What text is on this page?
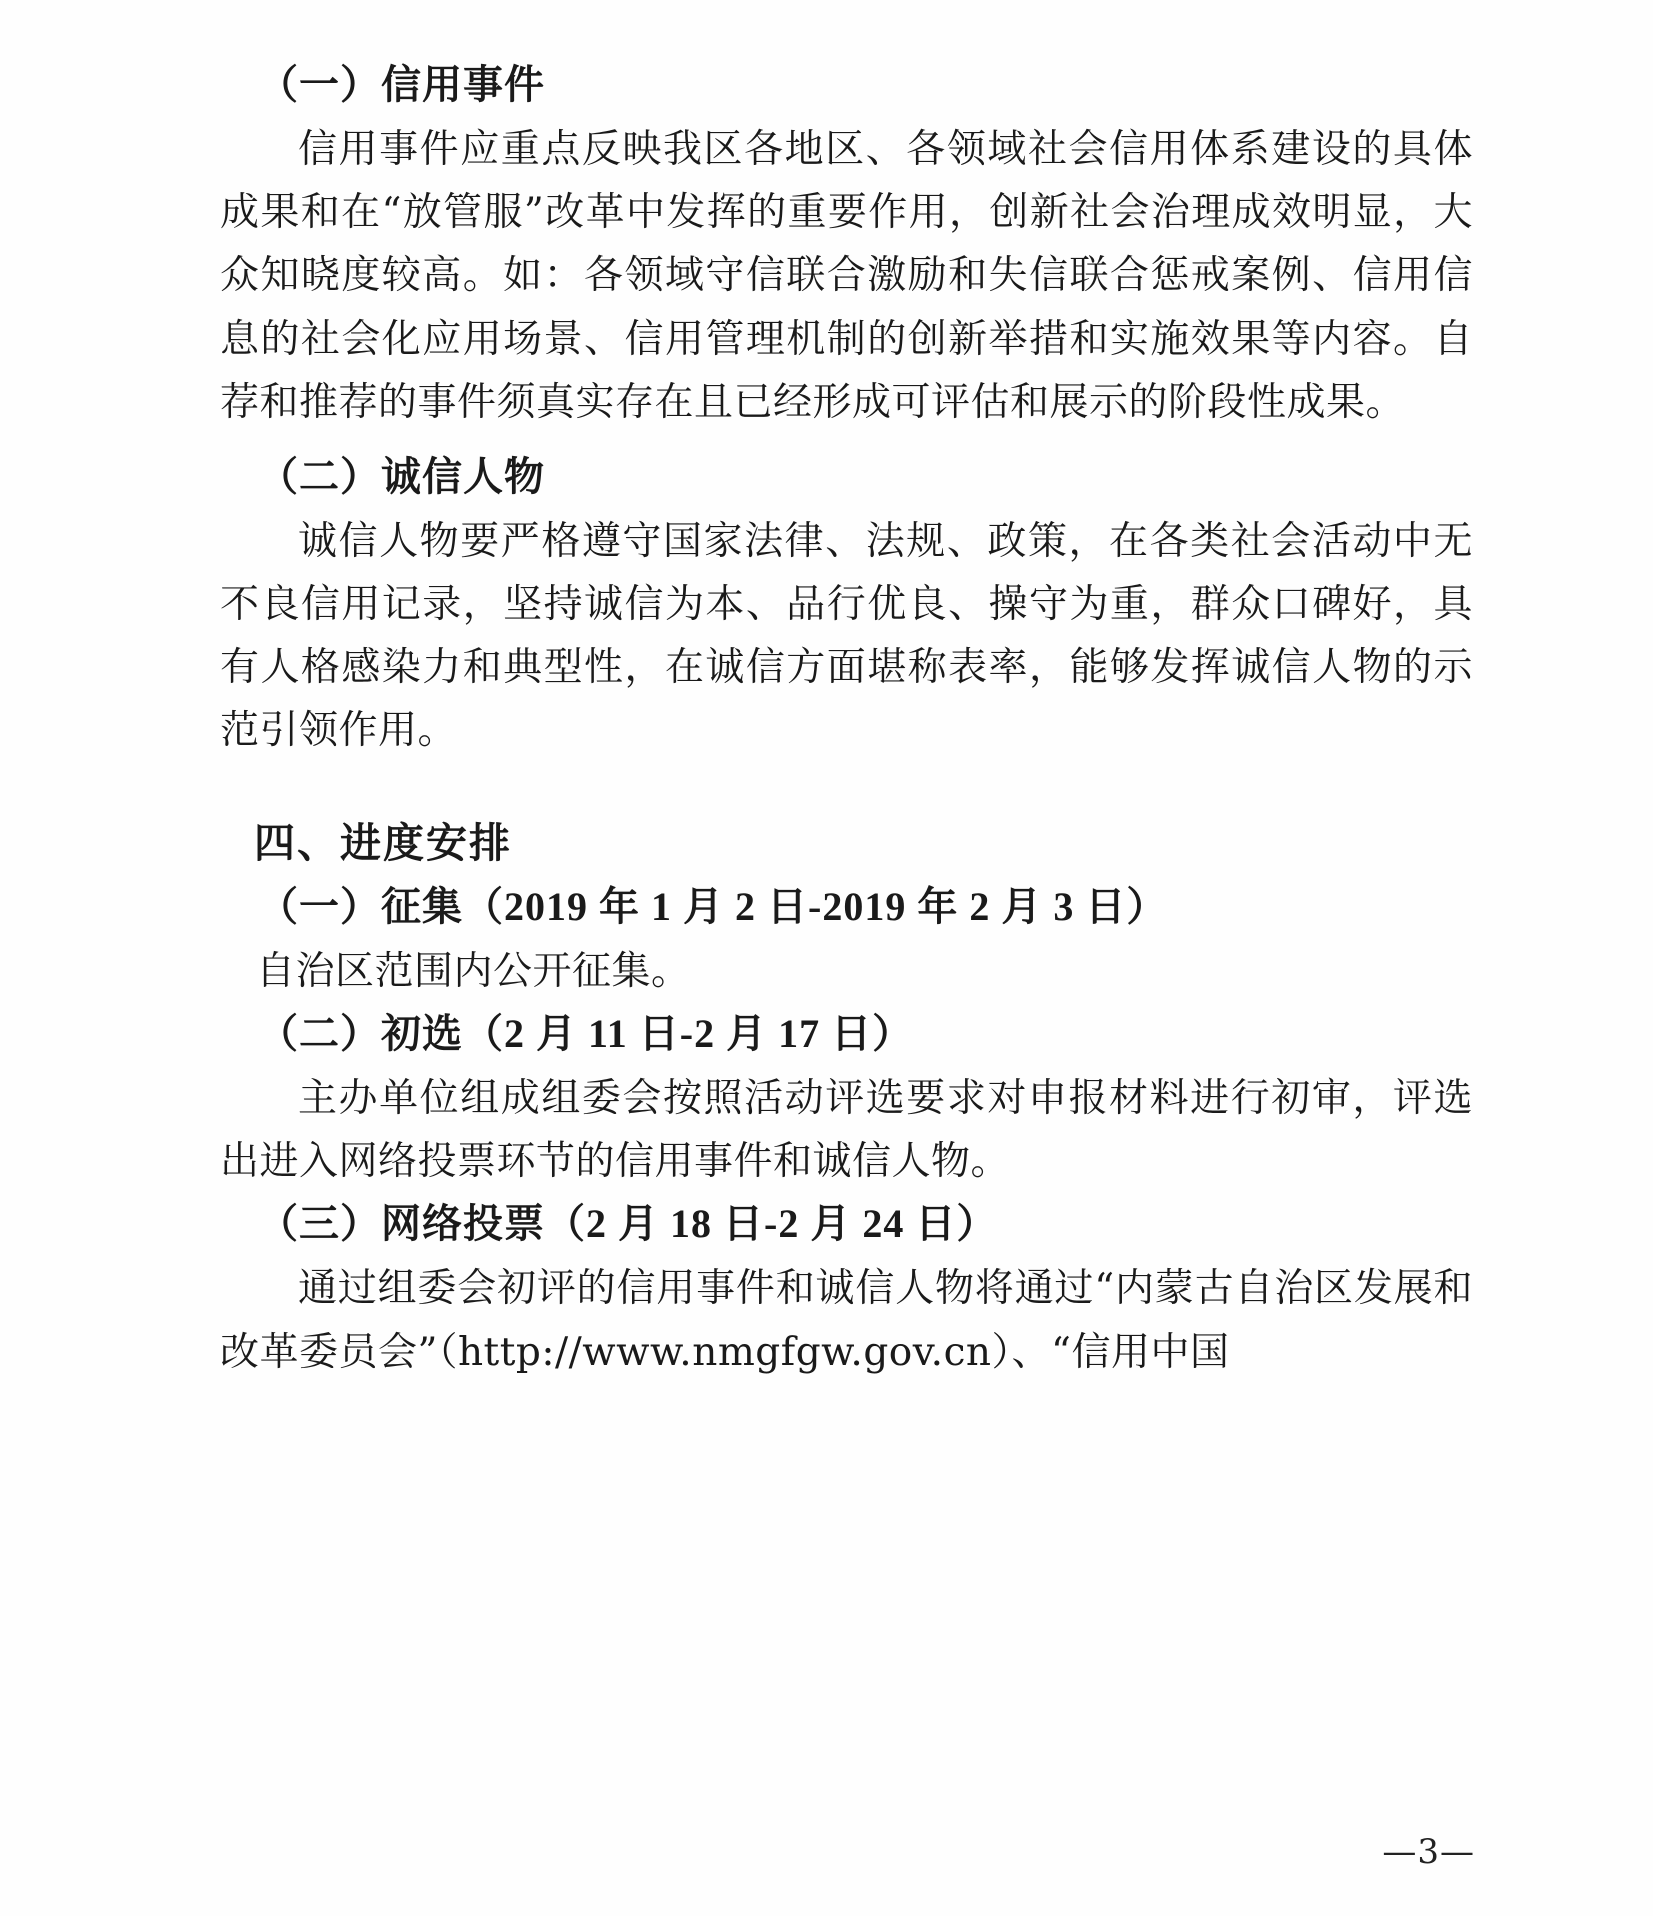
（一）信用事件

信用事件应重点反映我区各地区、各领域社会信用体系建设的具体成果和在“放管服”改革中发挥的重要作用，创新社会治理成效明显，大众知晓度较高。如：各领域守信联合激励和失信联合惩戒案例、信用信息的社会化应用场景、信用管理机制的创新举措和实施效果等内容。自荐和推荐的事件须真实存在且已经形成可评估和展示的阶段性成果。

（二）诚信人物

诚信人物要严格遵守国家法律、法规、政策，在各类社会活动中无不良信用记录，坚持诚信为本、品行优良、操守为重，群众口碑好，具有人格感染力和典型性，在诚信方面堪称表率，能够发挥诚信人物的示范引领作用。

四、进度安排
（一）征集（2019 年 1 月 2 日-2019 年 2 月 3 日）

自治区范围内公开征集。

（二）初选（2 月 11 日-2 月 17 日）

主办单位组成组委会按照活动评选要求对申报材料进行初审，评选出进入网络投票环节的信用事件和诚信人物。

（三）网络投票（2 月 18 日-2 月 24 日）

通过组委会初评的信用事件和诚信人物将通过“内蒙古自治区发展和改革委员会”（http://www.nmgfgw.gov.cn）、“信用中国

—3—
